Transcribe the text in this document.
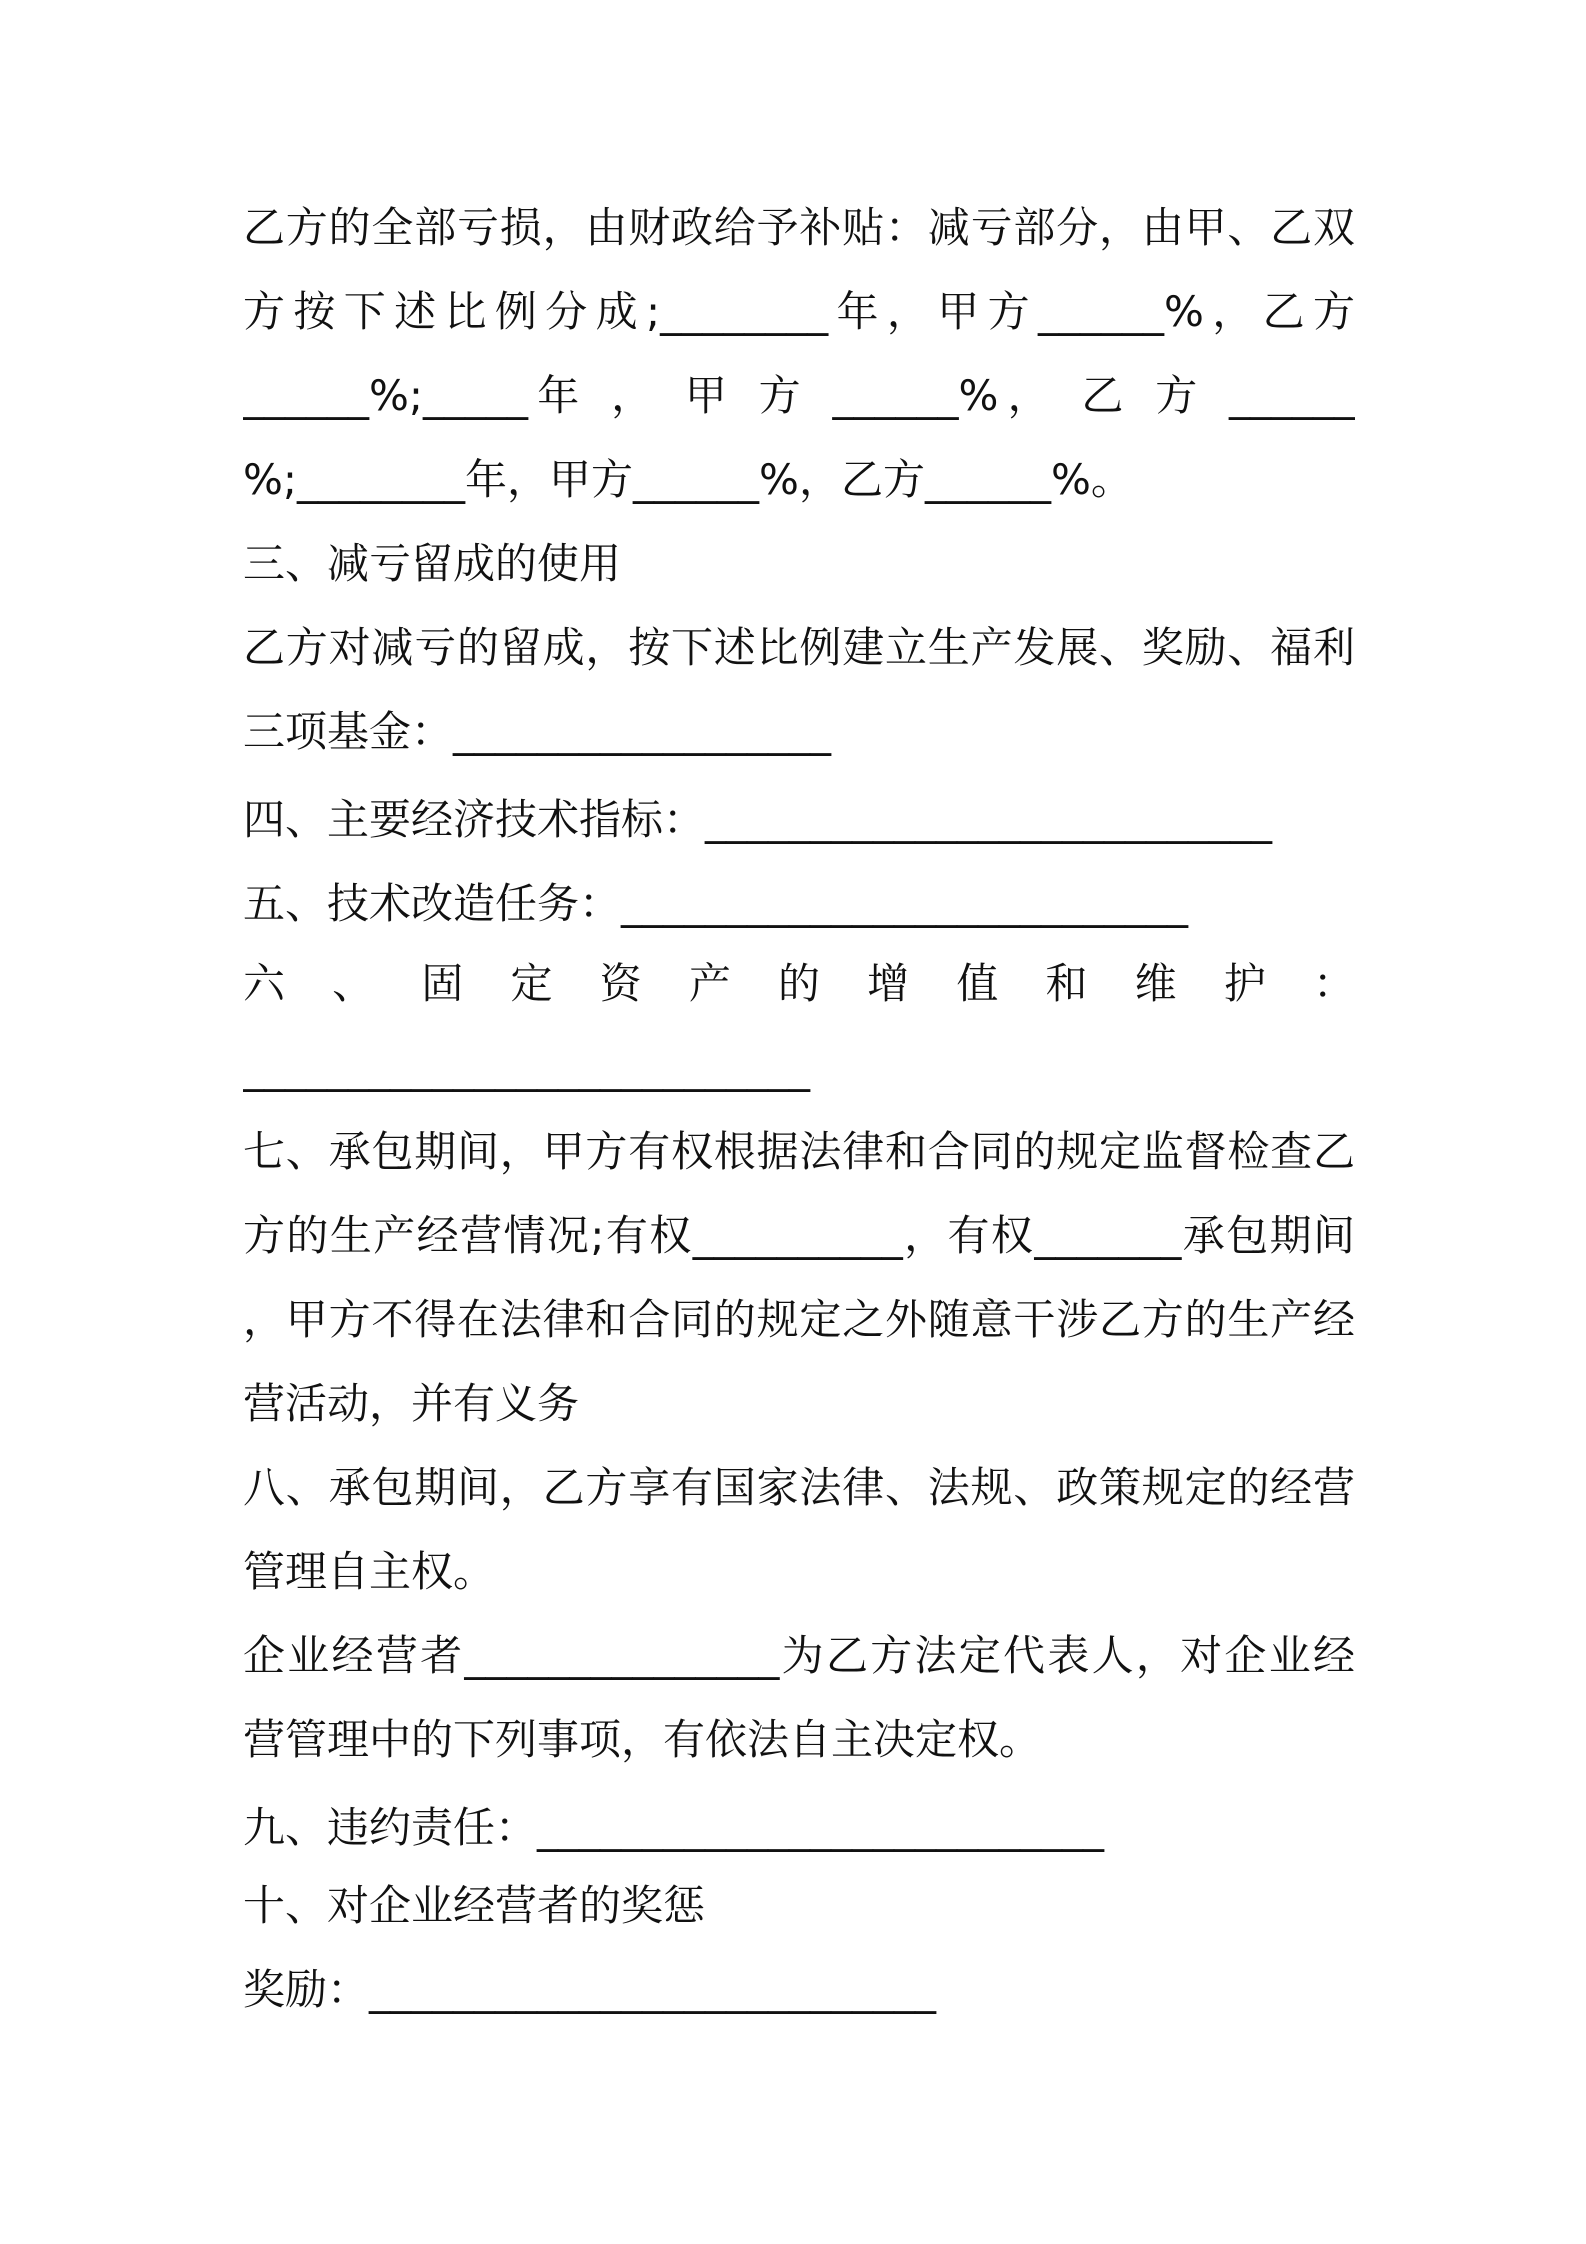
乙方的全部亏损，由财政给予补贴：减亏部分，由甲、乙双
方按下述比例分成;________年，甲方______%，乙方
______%;_____年 ， 甲 方 ______%， 乙 方 ______
%;________年，甲方______%，乙方______%。
三、减亏留成的使用
乙方对减亏的留成，按下述比例建立生产发展、奖励、福利
三项基金：__________________
四、主要经济技术指标：___________________________
五、技术改造任务：___________________________
六、固定资产的增值和维护：
___________________________
七、承包期间，甲方有权根据法律和合同的规定监督检查乙
方的生产经营情况;有权__________，有权_______承包期间
，甲方不得在法律和合同的规定之外随意干涉乙方的生产经
营活动，并有义务
八、承包期间，乙方享有国家法律、法规、政策规定的经营
管理自主权。
企业经营者_______________为乙方法定代表人，对企业经
营管理中的下列事项，有依法自主决定权。
九、违约责任：___________________________
十、对企业经营者的奖惩
奖励：___________________________
